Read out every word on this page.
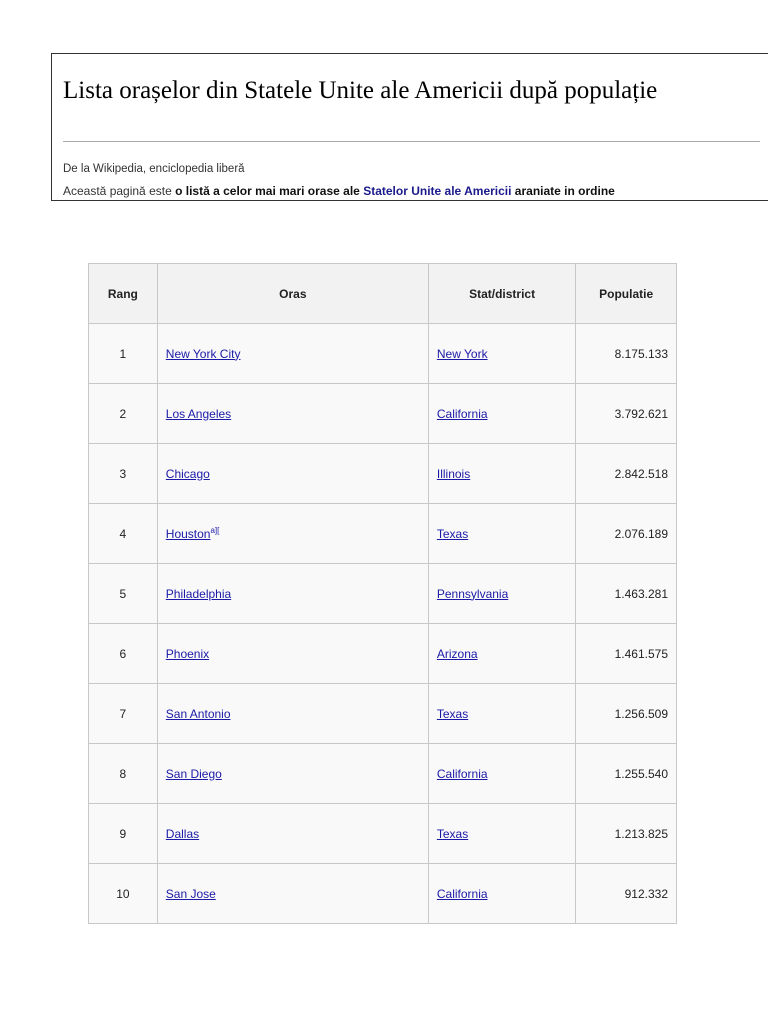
Lista orașelor din Statele Unite ale Americii după populație
De la Wikipedia, enciclopedia liberă
Această pagină este o listă a celor mai mari orase ale Statelor Unite ale Americii araniate in ordine
Rang	Oras	Stat/district	Populatie
1	New York City	New York	8.175.133
2	Los Angeles	California	3.792.621
3	Chicago	Illinois	2.842.518
4	Houston$^{a][}$	Texas	2.076.189
5	Philadelphia	Pennsylvania	1.463.281
6	Phoenix	Arizona	1.461.575
7	San Antonio	Texas	1.256.509
8	San Diego	California	1.255.540
9	Dallas	Texas	1.213.825
10	San Jose	California	912.332
